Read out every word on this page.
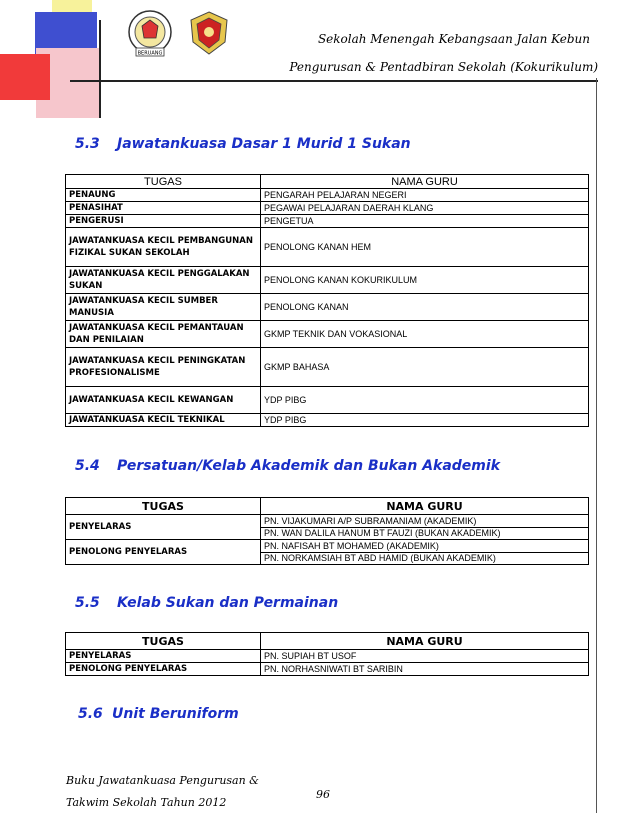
BERUANG
Sekolah Menengah Kebangsaan Jalan Kebun
Pengurusan & Pentadbiran Sekolah (Kokurikulum)
5.3 Jawatankuasa Dasar 1 Murid 1 Sukan
TUGAS	NAMA GURU
PENAUNG	PENGARAH PELAJARAN NEGERI
PENASIHAT	PEGAWAI PELAJARAN DAERAH KLANG
PENGERUSI	PENGETUA
JAWATANKUASA KECIL PEMBANGUNAN FIZIKAL SUKAN SEKOLAH	PENOLONG KANAN HEM
JAWATANKUASA KECIL PENGGALAKAN SUKAN	PENOLONG KANAN KOKURIKULUM
JAWATANKUASA KECIL SUMBER MANUSIA	PENOLONG KANAN
JAWATANKUASA KECIL PEMANTAUAN DAN PENILAIAN	GKMP TEKNIK DAN VOKASIONAL
JAWATANKUASA KECIL PENINGKATAN PROFESIONALISME	GKMP BAHASA
JAWATANKUASA KECIL KEWANGAN	YDP PIBG
JAWATANKUASA KECIL TEKNIKAL	YDP PIBG
5.4 Persatuan/Kelab Akademik dan Bukan Akademik
TUGAS	NAMA GURU
PENYELARAS	PN. VIJAKUMARI A/P SUBRAMANIAM (AKADEMIK)
	PN. WAN DALILA HANUM BT FAUZI (BUKAN AKADEMIK)
PENOLONG PENYELARAS	PN. NAFISAH BT MOHAMED (AKADEMIK)
	PN. NORKAMSIAH BT ABD HAMID (BUKAN AKADEMIK)
5.5 Kelab Sukan dan Permainan
TUGAS	NAMA GURU
PENYELARAS	PN. SUPIAH BT USOF
PENOLONG PENYELARAS	PN. NORHASNIWATI BT SARIBIN
5.6 Unit Beruniform
Buku Jawatankuasa Pengurusan &
Takwim Sekolah Tahun 2012
96
